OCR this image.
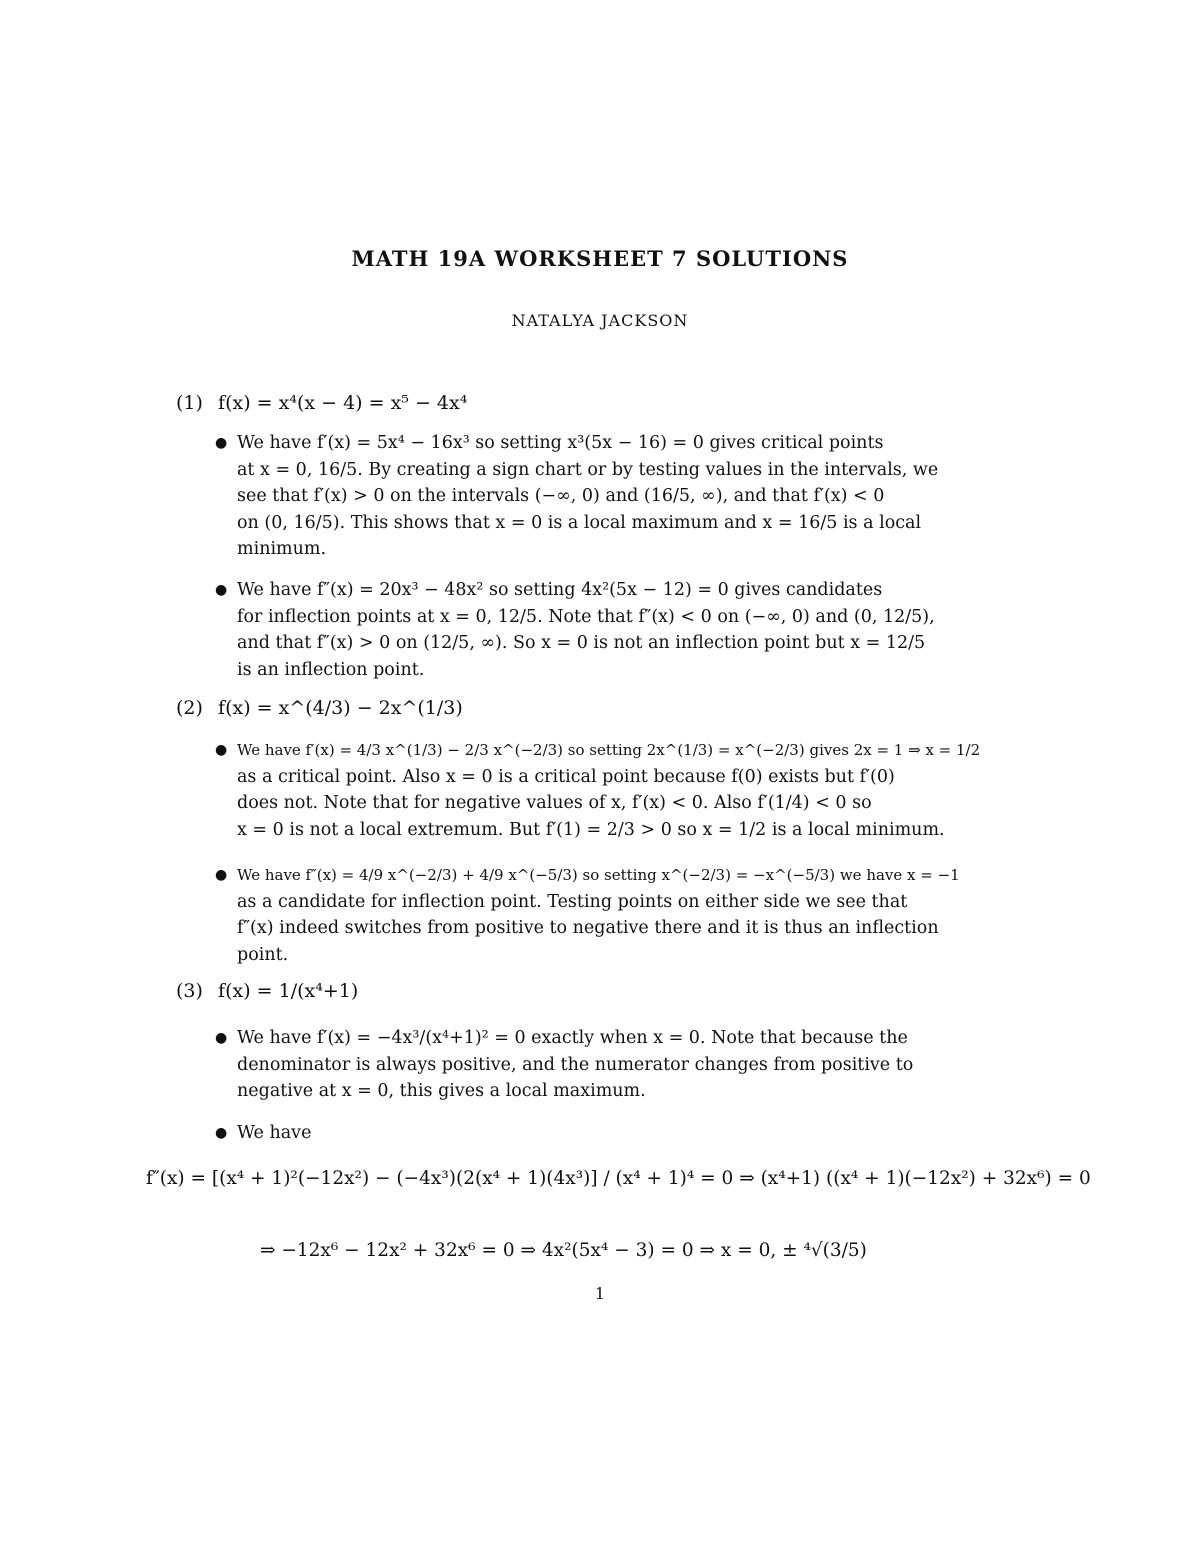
MATH 19A WORKSHEET 7 SOLUTIONS
NATALYA JACKSON
(1) f(x) = x⁴(x − 4) = x⁵ − 4x⁴
● We have f′(x) = 5x⁴ − 16x³ so setting x³(5x − 16) = 0 gives critical points
at x = 0, 16/5. By creating a sign chart or by testing values in the intervals, we
see that f′(x) > 0 on the intervals (−∞, 0) and (16/5, ∞), and that f′(x) < 0
on (0, 16/5). This shows that x = 0 is a local maximum and x = 16/5 is a local
minimum.
● We have f″(x) = 20x³ − 48x² so setting 4x²(5x − 12) = 0 gives candidates
for inflection points at x = 0, 12/5. Note that f″(x) < 0 on (−∞, 0) and (0, 12/5),
and that f″(x) > 0 on (12/5, ∞). So x = 0 is not an inflection point but x = 12/5
is an inflection point.
(2) f(x) = x^(4/3) − 2x^(1/3)
● We have f′(x) = 4/3 x^(1/3) − 2/3 x^(−2/3) so setting 2x^(1/3) = x^(−2/3) gives 2x = 1 ⇒ x = 1/2
as a critical point. Also x = 0 is a critical point because f(0) exists but f′(0)
does not. Note that for negative values of x, f′(x) < 0. Also f′(1/4) < 0 so
x = 0 is not a local extremum. But f′(1) = 2/3 > 0 so x = 1/2 is a local minimum.
● We have f″(x) = 4/9 x^(−2/3) + 4/9 x^(−5/3) so setting x^(−2/3) = −x^(−5/3) we have x = −1
as a candidate for inflection point. Testing points on either side we see that
f″(x) indeed switches from positive to negative there and it is thus an inflection
point.
(3) f(x) = 1/(x⁴+1)
● We have f′(x) = −4x³/(x⁴+1)² = 0 exactly when x = 0. Note that because the
denominator is always positive, and the numerator changes from positive to
negative at x = 0, this gives a local maximum.
● We have
f″(x) = [(x⁴ + 1)²(−12x²) − (−4x³)(2(x⁴ + 1)(4x³)] / (x⁴ + 1)⁴ = 0 ⇒ (x⁴+1) ((x⁴ + 1)(−12x²) + 32x⁶) = 0
⇒ −12x⁶ − 12x² + 32x⁶ = 0 ⇒ 4x²(5x⁴ − 3) = 0 ⇒ x = 0, ± ⁴√(3/5)
1
